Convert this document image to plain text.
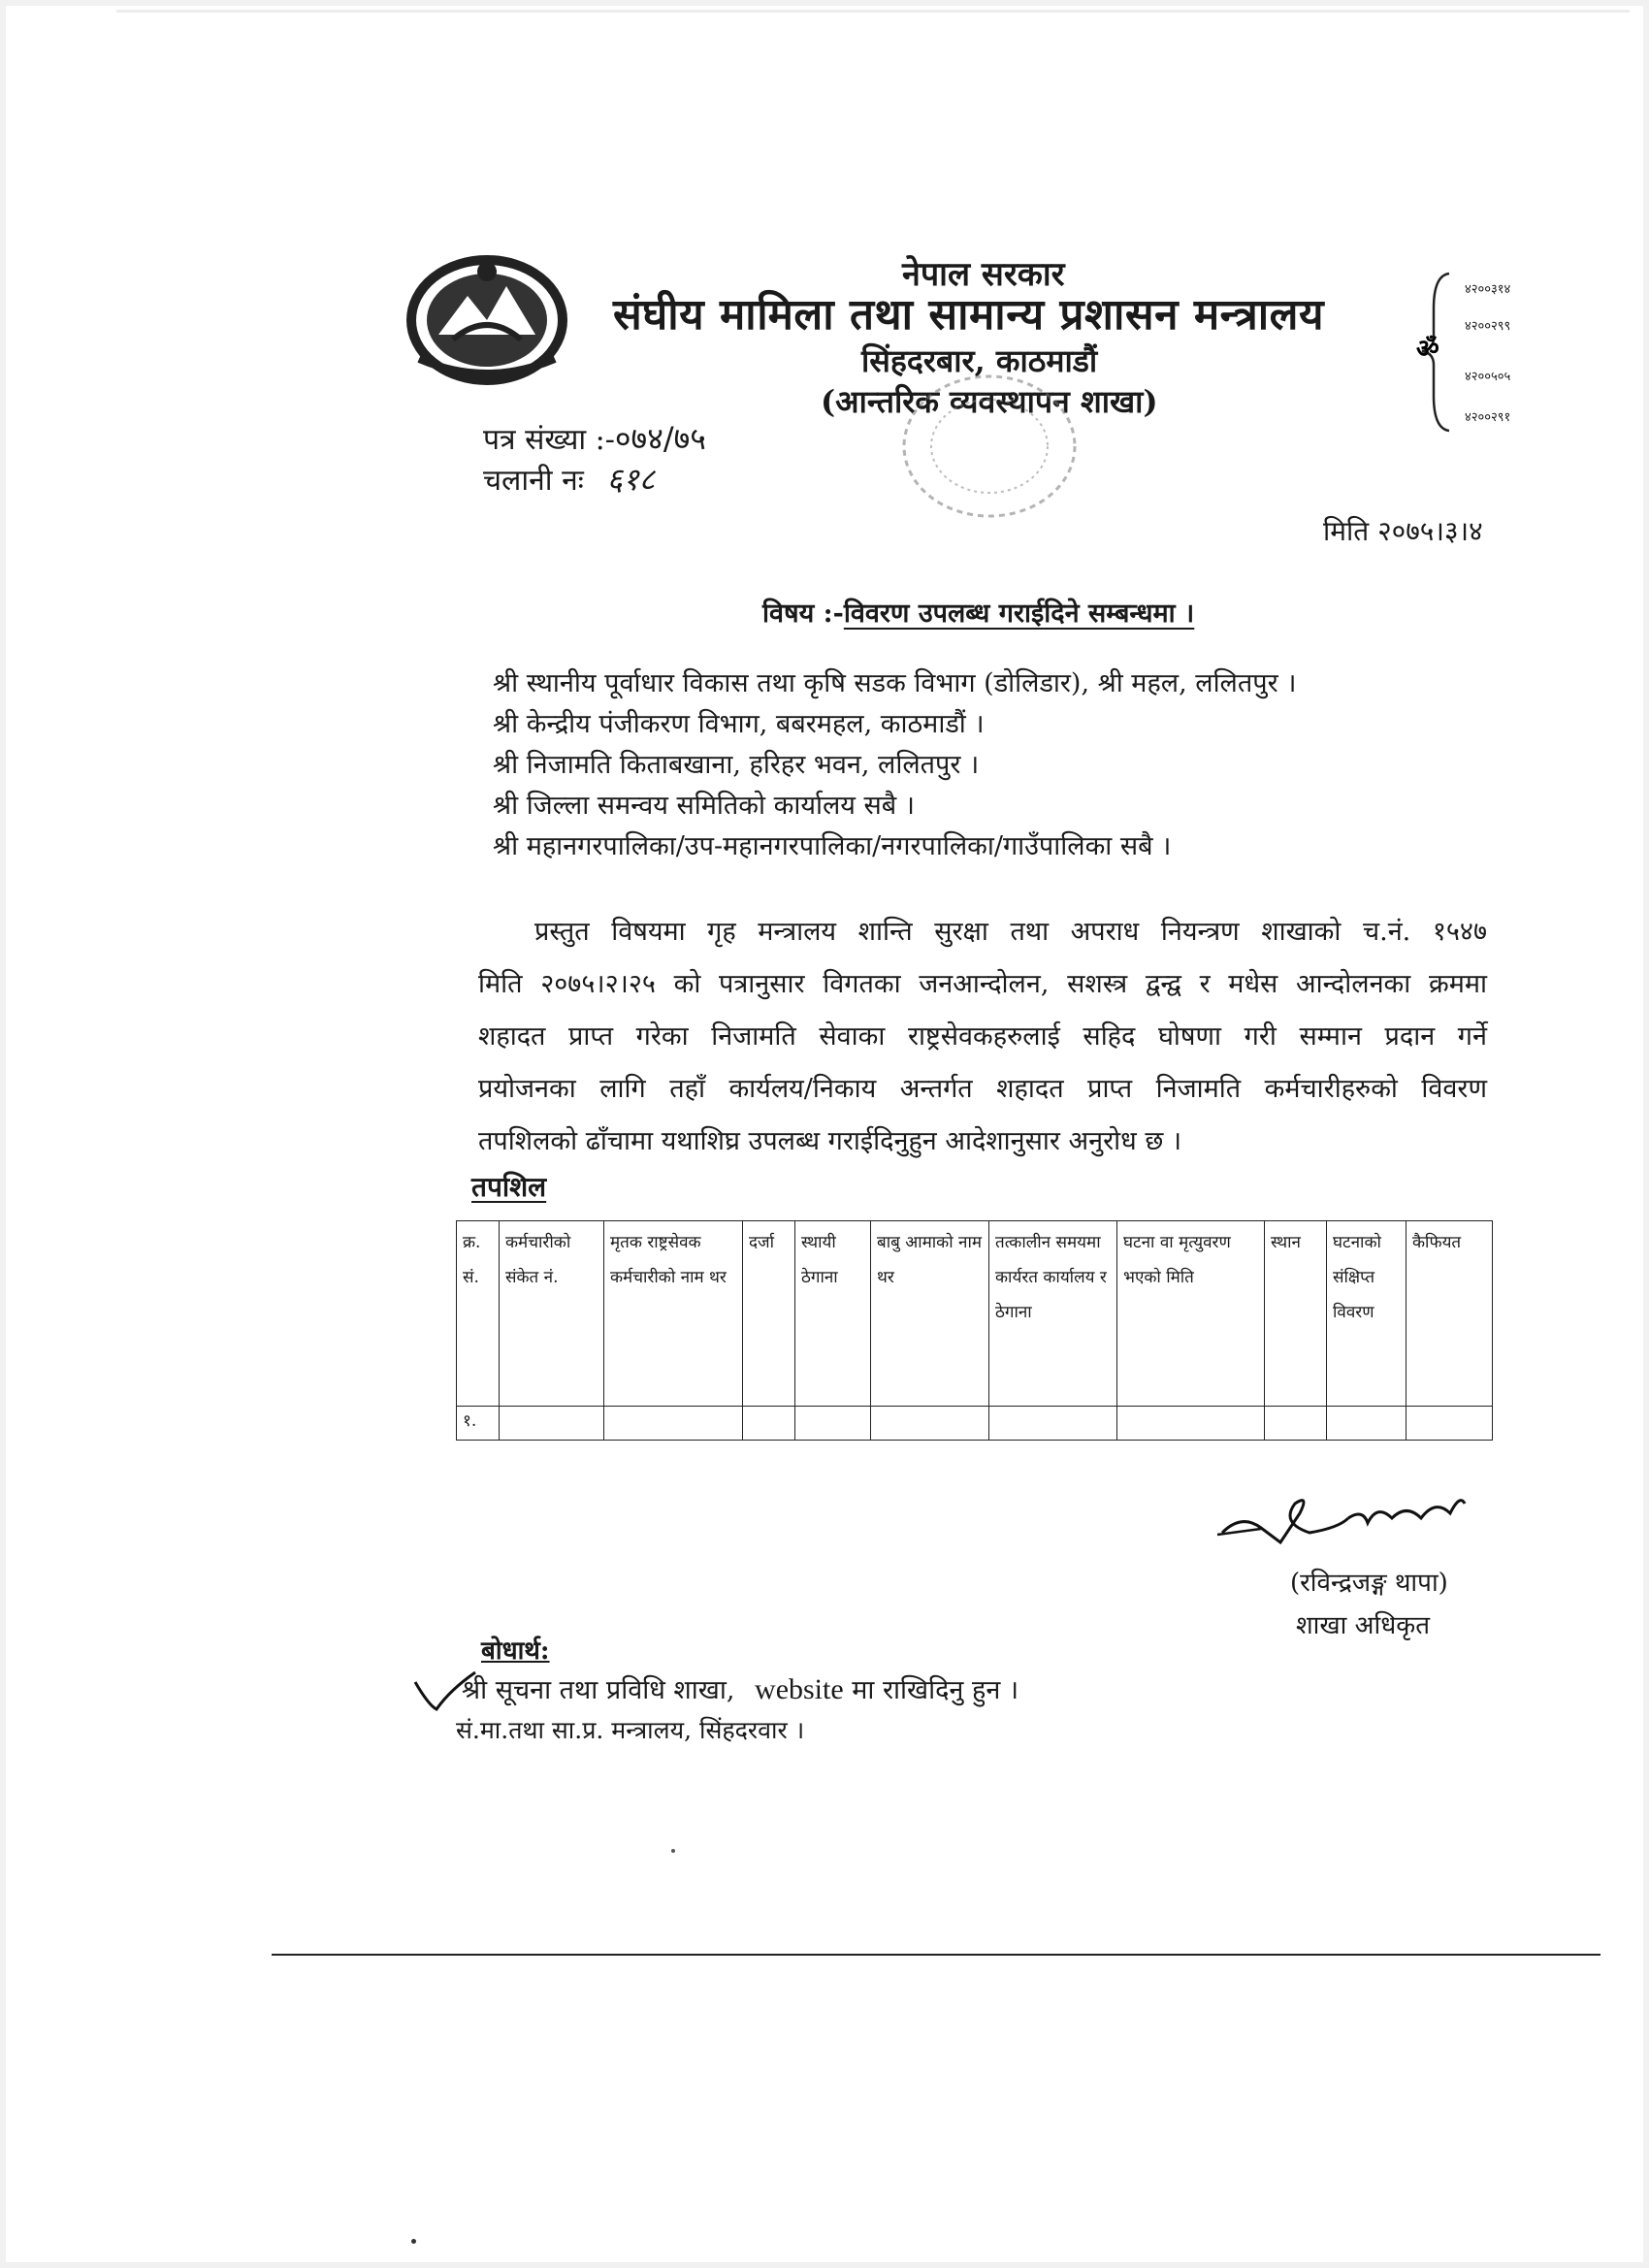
नेपाल सरकार
संघीय मामिला तथा सामान्य प्रशासन मन्त्रालय
सिंहदरबार, काठमाडौं
(आन्तरिक व्यवस्थापन शाखा)
ॐ
४२००३१४
४२००२९९
४२००५०५
४२००२९१
पत्र संख्या :-०७४/७५
चलानी नः ६१८
मिति २०७५।३।४
विषय :-विवरण उपलब्ध गराईदिने सम्बन्धमा ।
श्री स्थानीय पूर्वाधार विकास तथा कृषि सडक विभाग (डोलिडार), श्री महल, ललितपुर ।
श्री केन्द्रीय पंजीकरण विभाग, बबरमहल, काठमाडौं ।
श्री निजामति किताबखाना, हरिहर भवन, ललितपुर ।
श्री जिल्ला समन्वय समितिको कार्यालय सबै ।
श्री महानगरपालिका/उप-महानगरपालिका/नगरपालिका/गाउँपालिका सबै ।
प्रस्तुत विषयमा गृह मन्त्रालय शान्ति सुरक्षा तथा अपराध नियन्त्रण शाखाको च.नं. १५४७
मिति २०७५।२।२५ को पत्रानुसार विगतका जनआन्दोलन, सशस्त्र द्वन्द्व र मधेस आन्दोलनका क्रममा
शहादत प्राप्त गरेका निजामति सेवाका राष्ट्रसेवकहरुलाई सहिद घोषणा गरी सम्मान प्रदान गर्ने
प्रयोजनका लागि तहाँ कार्यलय/निकाय अन्तर्गत शहादत प्राप्त निजामति कर्मचारीहरुको विवरण
तपशिलको ढाँचामा यथाशिघ्र उपलब्ध गराईदिनुहुन आदेशानुसार अनुरोध छ ।
तपशिल
क्र. सं.	कर्मचारीको संकेत नं.	मृतक राष्ट्रसेवक कर्मचारीको नाम थर	दर्जा	स्थायी ठेगाना	बाबु आमाको नाम थर	तत्कालीन समयमा कार्यरत कार्यालय र ठेगाना	घटना वा मृत्युवरण भएको मिति	स्थान	घटनाको संक्षिप्त विवरण	कैफियत
१.										
(रविन्द्रजङ्ग थापा)
शाखा अधिकृत
बोधार्थ:
श्री सूचना तथा प्रविधि शाखा, website मा राखिदिनु हुन ।
सं.मा.तथा सा.प्र. मन्त्रालय, सिंहदरवार ।
